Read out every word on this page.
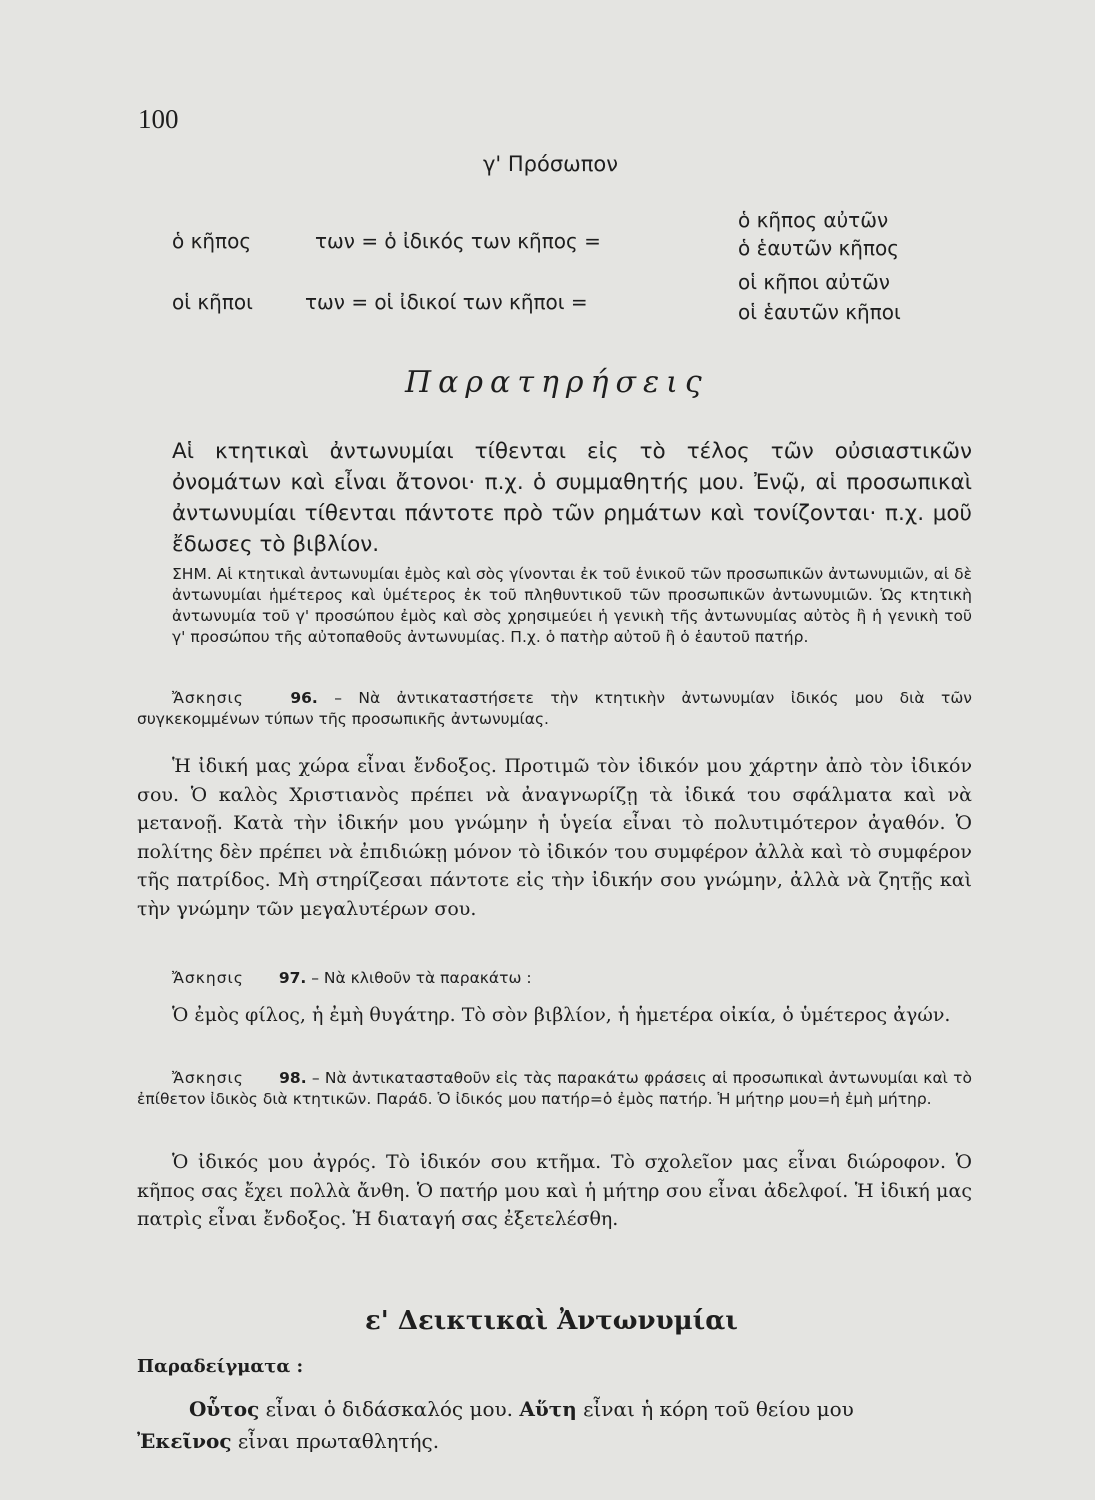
100
γ' Πρόσωπον
ὁ κῆπος	των = ὁ ἰδικός των κῆπος =
ὁ κῆπος αὐτῶν
ὁ ἑαυτῶν κῆπος
οἱ κῆποι	των = οἱ ἰδικοί των κῆποι =
οἱ κῆποι αὐτῶν
οἱ ἑαυτῶν κῆποι
Παρατηρήσεις
Αἱ κτητικαὶ ἀντωνυμίαι τίθενται εἰς τὸ τέλος τῶν οὐσιαστικῶν ὀνομάτων καὶ εἶναι ἄτονοι· π.χ. ὁ συμμαθητής μου. Ἐνῷ, αἱ προσωπικαὶ ἀντωνυμίαι τίθενται πάντοτε πρὸ τῶν ρημάτων καὶ τονίζονται· π.χ. μοῦ ἔδωσες τὸ βιβλίον.
ΣΗΜ. Αἱ κτητικαὶ ἀντωνυμίαι ἐμὸς καὶ σὸς γίνονται ἐκ τοῦ ἑνικοῦ τῶν προσωπικῶν ἀντωνυμιῶν, αἱ δὲ ἀντωνυμίαι ἡμέτερος καὶ ὑμέτερος ἐκ τοῦ πληθυντικοῦ τῶν προσωπικῶν ἀντωνυμιῶν. Ὡς κτητικὴ ἀντωνυμία τοῦ γ' προσώπου ἐμὸς καὶ σὸς χρησιμεύει ἡ γενικὴ τῆς ἀντωνυμίας αὐτὸς ἢ ἡ γενικὴ τοῦ γ' προσώπου τῆς αὐτοπαθοῦς ἀντωνυμίας. Π.χ. ὁ πατὴρ αὐτοῦ ἢ ὁ ἑαυτοῦ πατήρ.
Ἄσκησις	96. – Νὰ ἀντικαταστήσετε τὴν κτητικὴν ἀντωνυμίαν ἰδικός μου διὰ τῶν συγκεκομμένων τύπων τῆς προσωπικῆς ἀντωνυμίας.
Ἡ ἰδική μας χώρα εἶναι ἔνδοξος. Προτιμῶ τὸν ἰδικόν μου χάρτην ἀπὸ τὸν ἰδικόν σου. Ὁ καλὸς Χριστιανὸς πρέπει νὰ ἀναγνωρίζῃ τὰ ἰδικά του σφάλματα καὶ νὰ μετανοῇ. Κατὰ τὴν ἰδικήν μου γνώμην ἡ ὑγεία εἶναι τὸ πολυτιμότερον ἀγαθόν. Ὁ πολίτης δὲν πρέπει νὰ ἐπιδιώκῃ μόνον τὸ ἰδικόν του συμφέρον ἀλλὰ καὶ τὸ συμφέρον τῆς πατρίδος. Μὴ στηρίζεσαι πάντοτε εἰς τὴν ἰδικήν σου γνώμην, ἀλλὰ νὰ ζητῇς καὶ τὴν γνώμην τῶν μεγαλυτέρων σου.
Ἄσκησις 97. – Νὰ κλιθοῦν τὰ παρακάτω :
Ὁ ἐμὸς φίλος, ἡ ἐμὴ θυγάτηρ. Τὸ σὸν βιβλίον, ἡ ἡμετέρα οἰκία, ὁ ὑμέτερος ἀγών.
Ἄσκησις 98. – Νὰ ἀντικατασταθοῦν εἰς τὰς παρακάτω φράσεις αἱ προσωπικαὶ ἀντωνυμίαι καὶ τὸ ἐπίθετον ἰδικὸς διὰ κτητικῶν. Παράδ. Ὁ ἰδικός μου πατήρ=ὁ ἐμὸς πατήρ. Ἡ μήτηρ μου=ἡ ἐμὴ μήτηρ.
Ὁ ἰδικός μου ἀγρός. Τὸ ἰδικόν σου κτῆμα. Τὸ σχολεῖον μας εἶναι διώροφον. Ὁ κῆπος σας ἔχει πολλὰ ἄνθη. Ὁ πατήρ μου καὶ ἡ μήτηρ σου εἶναι ἀδελφοί. Ἡ ἰδική μας πατρὶς εἶναι ἔνδοξος. Ἡ διαταγή σας ἐξετελέσθη.
ε' Δεικτικαὶ Ἀντωνυμίαι
Παραδείγματα :
Οὗτος εἶναι ὁ διδάσκαλός μου. Αὕτη εἶναι ἡ κόρη τοῦ θείου μου
Ἐκεῖνος εἶναι πρωταθλητής.
